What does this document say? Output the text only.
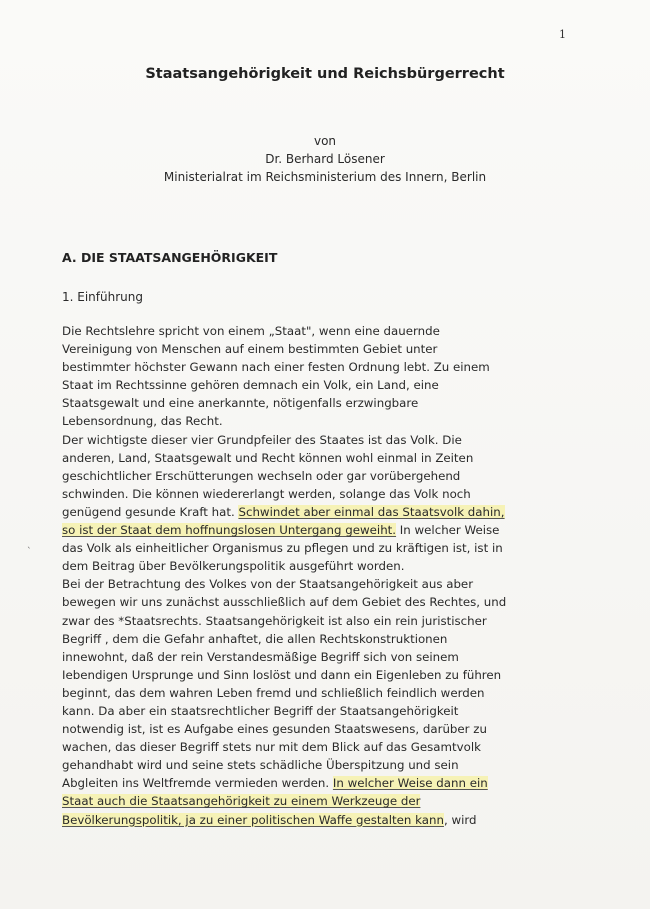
1
Staatsangehörigkeit und Reichsbürgerrecht
von
Dr. Berhard Lösener
Ministerialrat im Reichsministerium des Innern, Berlin
A. DIE STAATSANGEHÖRIGKEIT
1. Einführung
`
Die Rechtslehre spricht von einem „Staat", wenn eine dauernde
Vereinigung von Menschen auf einem bestimmten Gebiet unter
bestimmter höchster Gewann nach einer festen Ordnung lebt. Zu einem
Staat im Rechtssinne gehören demnach ein Volk, ein Land, eine
Staatsgewalt und eine anerkannte, nötigenfalls erzwingbare
Lebensordnung, das Recht.
Der wichtigste dieser vier Grundpfeiler des Staates ist das Volk. Die
anderen, Land, Staatsgewalt und Recht können wohl einmal in Zeiten
geschichtlicher Erschütterungen wechseln oder gar vorübergehend
schwinden. Die können wiedererlangt werden, solange das Volk noch
genügend gesunde Kraft hat. Schwindet aber einmal das Staatsvolk dahin,
so ist der Staat dem hoffnungslosen Untergang geweiht. In welcher Weise
das Volk als einheitlicher Organismus zu pflegen und zu kräftigen ist, ist in
dem Beitrag über Bevölkerungspolitik ausgeführt worden.
Bei der Betrachtung des Volkes von der Staatsangehörigkeit aus aber
bewegen wir uns zunächst ausschließlich auf dem Gebiet des Rechtes, und
zwar des *Staatsrechts. Staatsangehörigkeit ist also ein rein juristischer
Begriff , dem die Gefahr anhaftet, die allen Rechtskonstruktionen
innewohnt, daß der rein Verstandesmäßige Begriff sich von seinem
Iebendigen Ursprunge und Sinn loslöst und dann ein Eigenleben zu führen
beginnt, das dem wahren Leben fremd und schließlich feindlich werden
kann. Da aber ein staatsrechtlicher Begriff der Staatsangehörigkeit
notwendig ist, ist es Aufgabe eines gesunden Staatswesens, darüber zu
wachen, das dieser Begriff stets nur mit dem Blick auf das Gesamtvolk
gehandhabt wird und seine stets schädliche Überspitzung und sein
Abgleiten ins Weltfremde vermieden werden. In welcher Weise dann ein
Staat auch die Staatsangehörigkeit zu einem Werkzeuge der
Bevölkerungspolitik, ja zu einer politischen Waffe gestalten kann, wird
